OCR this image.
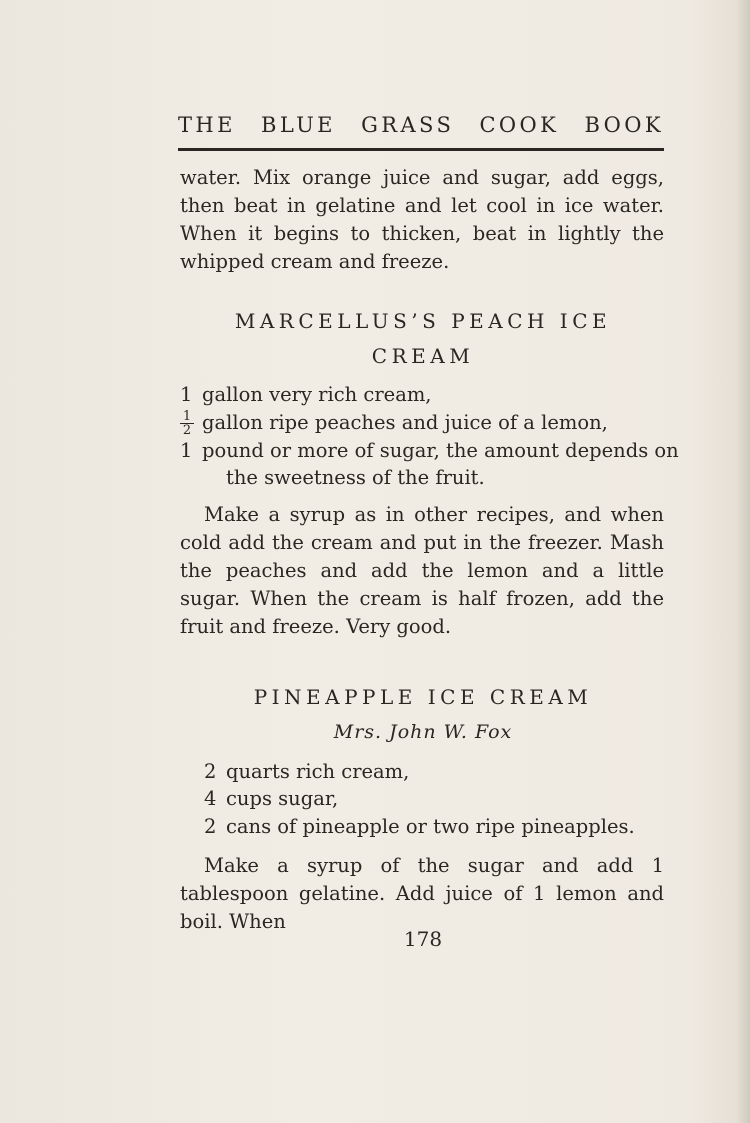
THE BLUE GRASS COOK BOOK

water. Mix orange juice and sugar, add eggs, then beat in gelatine and let cool in ice water. When it begins to thicken, beat in lightly the whipped cream and freeze.

MARCELLUS’S PEACH ICE
CREAM
1 gallon very rich cream,
$\frac{1}{2}$ gallon ripe peaches and juice of a lemon,
1 pound or more of sugar, the amount depends on
the sweetness of the fruit.

Make a syrup as in other recipes, and when cold add the cream and put in the freezer. Mash the peaches and add the lemon and a little sugar. When the cream is half frozen, add the fruit and freeze. Very good.

PINEAPPLE ICE CREAM
Mrs. John W. Fox
2 quarts rich cream,
4 cups sugar,
2 cans of pineapple or two ripe pineapples.

Make a syrup of the sugar and add 1 tablespoon gelatine. Add juice of 1 lemon and boil. When

178
